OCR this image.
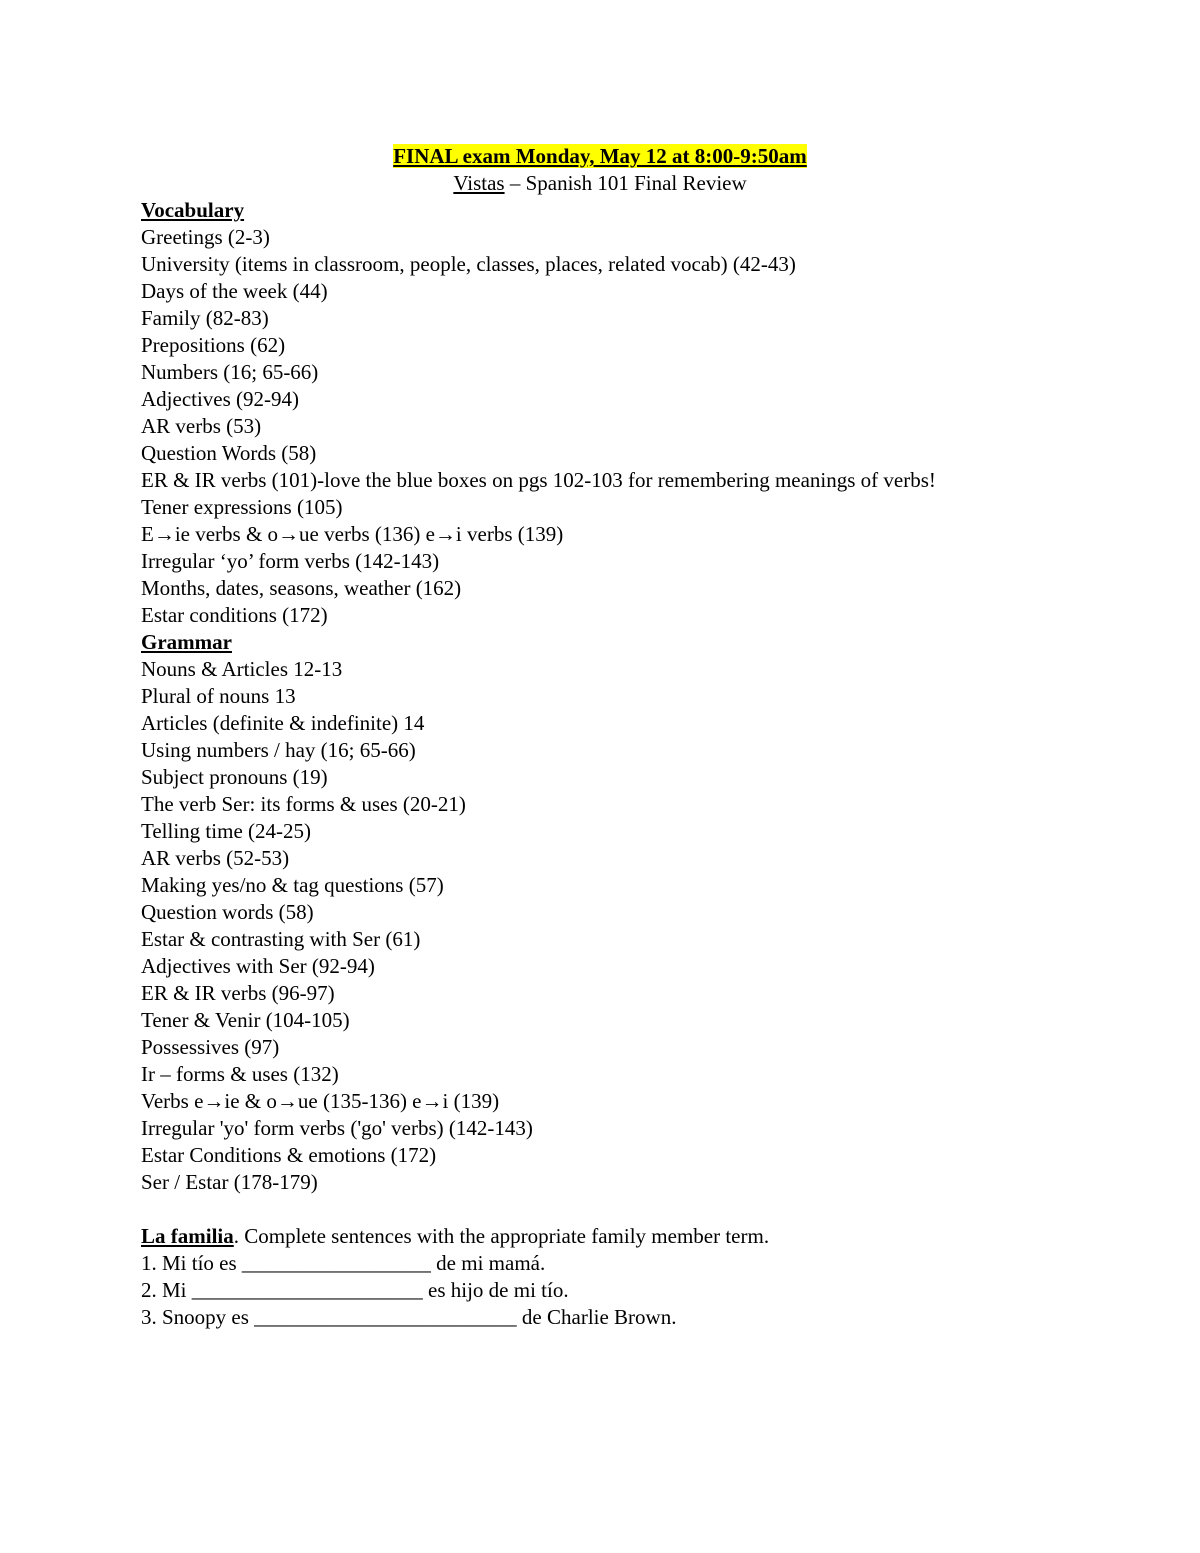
FINAL exam Monday, May 12 at 8:00-9:50am

Vistas – Spanish 101 Final Review

Vocabulary

Greetings (2-3)

University (items in classroom, people, classes, places, related vocab) (42-43)

Days of the week (44)

Family (82-83)

Prepositions (62)

Numbers (16; 65-66)

Adjectives (92-94)

AR verbs (53)

Question Words (58)

ER & IR verbs (101)-love the blue boxes on pgs 102-103 for remembering meanings of verbs!

Tener expressions (105)

E→ie verbs & o→ue verbs (136) e→i verbs (139)

Irregular ‘yo’ form verbs (142-143)

Months, dates, seasons, weather (162)

Estar conditions (172)

Grammar

Nouns & Articles 12-13

Plural of nouns 13

Articles (definite & indefinite) 14

Using numbers / hay (16; 65-66)

Subject pronouns (19)

The verb Ser: its forms & uses (20-21)

Telling time (24-25)

AR verbs (52-53)

Making yes/no & tag questions (57)

Question words (58)

Estar & contrasting with Ser (61)

Adjectives with Ser (92-94)

ER & IR verbs (96-97)

Tener & Venir (104-105)

Possessives (97)

Ir – forms & uses (132)

Verbs e→ie & o→ue (135-136) e→i (139)

Irregular 'yo' form verbs ('go' verbs) (142-143)

Estar Conditions & emotions (172)

Ser / Estar (178-179)

La familia. Complete sentences with the appropriate family member term.

1. Mi tío es __________________ de mi mamá.

2. Mi ______________________ es hijo de mi tío.

3. Snoopy es _________________________ de Charlie Brown.
